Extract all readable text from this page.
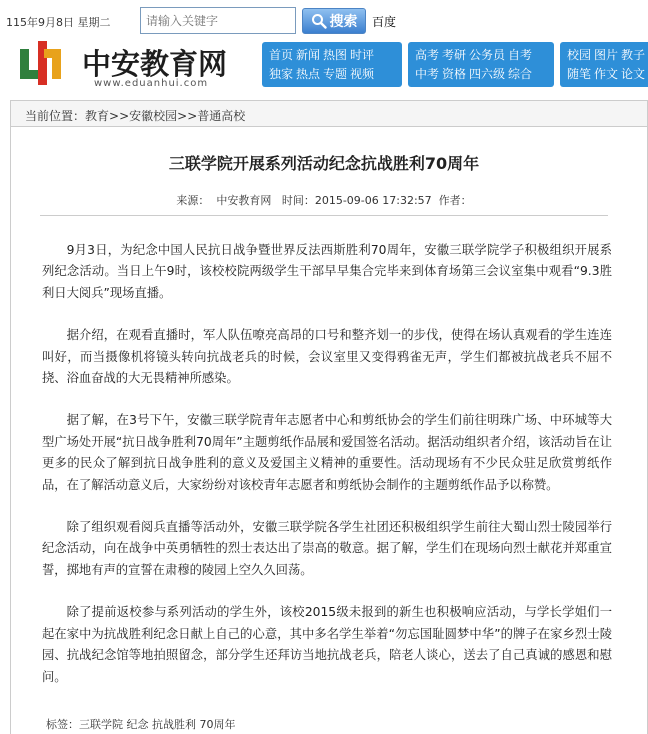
115年9月8日 星期二
请输入关键字	搜索 百度
中安教育网
www.eduanhui.com
首页 新闻 热图 时评
独家 热点 专题 视频
高考 考研 公务员 自考
中考 资格 四六级 综合
校园 图片 教子
随笔 作文 论文
当前位置：教育>>安徽校园>>普通高校
三联学院开展系列活动纪念抗战胜利70周年
来源：  中安教育网   时间：2015-09-06 17:32:57  作者：

9月3日，为纪念中国人民抗日战争暨世界反法西斯胜利70周年，安徽三联学院学子积极组织开展系列纪念活动。当日上午9时，该校校院两级学生干部早早集合完毕来到体育场第三会议室集中观看“9.3胜利日大阅兵”现场直播。

据介绍，在观看直播时，军人队伍嘹亮高昂的口号和整齐划一的步伐，使得在场认真观看的学生连连叫好，而当摄像机将镜头转向抗战老兵的时候，会议室里又变得鸦雀无声，学生们都被抗战老兵不屈不挠、浴血奋战的大无畏精神所感染。

据了解，在3号下午，安徽三联学院青年志愿者中心和剪纸协会的学生们前往明珠广场、中环城等大型广场处开展“抗日战争胜利70周年”主题剪纸作品展和爱国签名活动。据活动组织者介绍，该活动旨在让更多的民众了解到抗日战争胜利的意义及爱国主义精神的重要性。活动现场有不少民众驻足欣赏剪纸作品，在了解活动意义后，大家纷纷对该校青年志愿者和剪纸协会制作的主题剪纸作品予以称赞。

除了组织观看阅兵直播等活动外，安徽三联学院各学生社团还积极组织学生前往大蜀山烈士陵园举行纪念活动，向在战争中英勇牺牲的烈士表达出了崇高的敬意。据了解，学生们在现场向烈士献花并郑重宣誓，掷地有声的宣誓在肃穆的陵园上空久久回荡。

除了提前返校参与系列活动的学生外，该校2015级未报到的新生也积极响应活动，与学长学姐们一起在家中为抗战胜利纪念日献上自己的心意，其中多名学生举着“勿忘国耻圆梦中华”的牌子在家乡烈士陵园、抗战纪念馆等地拍照留念，部分学生还拜访当地抗战老兵，陪老人谈心，送去了自己真诚的感恩和慰问。

标签：三联学院 纪念 抗战胜利 70周年
